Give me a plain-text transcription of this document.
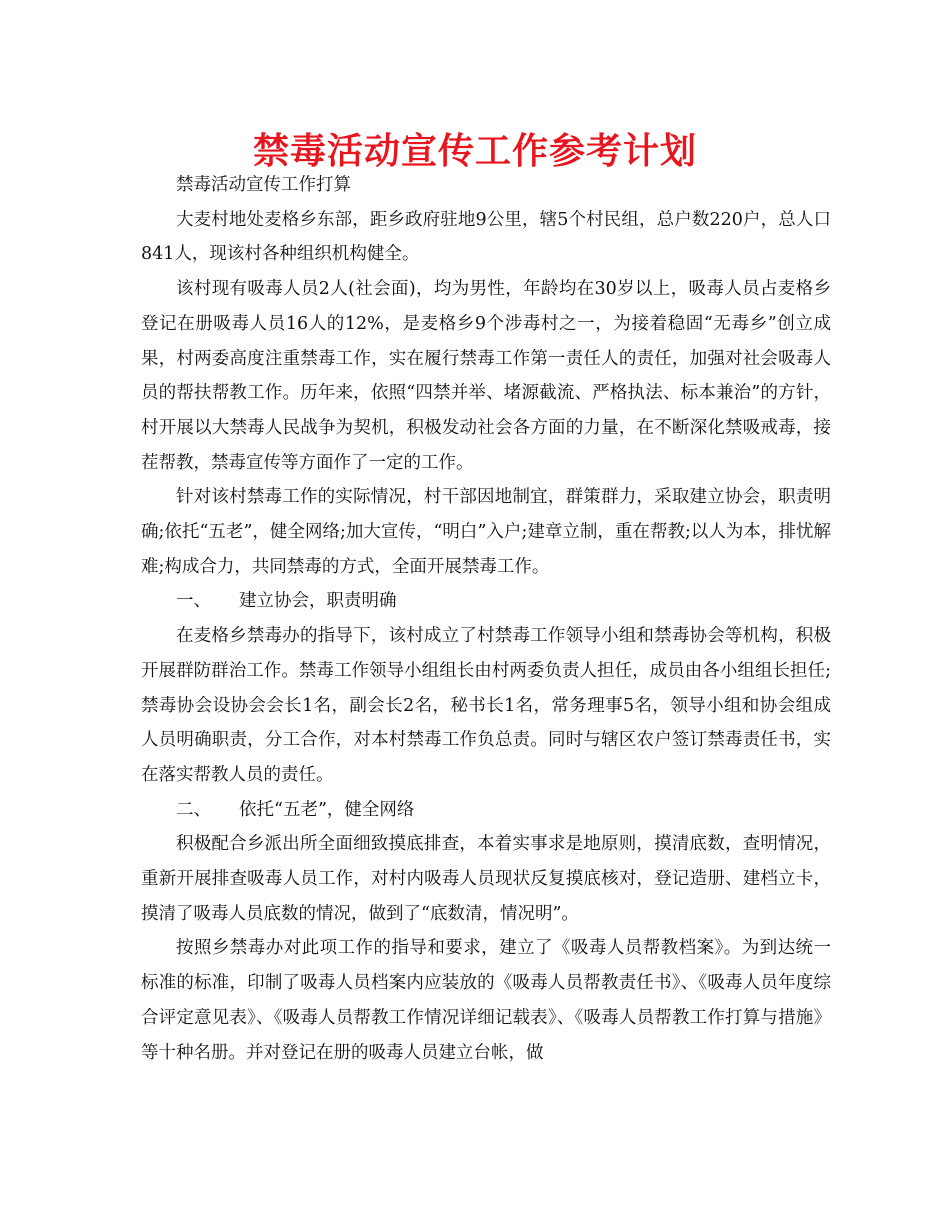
禁毒活动宣传工作参考计划

禁毒活动宣传工作打算

大麦村地处麦格乡东部，距乡政府驻地9公里，辖5个村民组，总户数220户，总人口841人，现该村各种组织机构健全。

该村现有吸毒人员2人(社会面)，均为男性，年龄均在30岁以上，吸毒人员占麦格乡登记在册吸毒人员16人的12%，是麦格乡9个涉毒村之一，为接着稳固“无毒乡”创立成果，村两委高度注重禁毒工作，实在履行禁毒工作第一责任人的责任，加强对社会吸毒人员的帮扶帮教工作。历年来，依照“四禁并举、堵源截流、严格执法、标本兼治”的方针，村开展以大禁毒人民战争为契机，积极发动社会各方面的力量，在不断深化禁吸戒毒，接茬帮教，禁毒宣传等方面作了一定的工作。

针对该村禁毒工作的实际情况，村干部因地制宜，群策群力，采取建立协会，职责明确;依托“五老”，健全网络;加大宣传，“明白”入户;建章立制，重在帮教;以人为本，排忧解难;构成合力，共同禁毒的方式，全面开展禁毒工作。

一、 建立协会，职责明确

在麦格乡禁毒办的指导下，该村成立了村禁毒工作领导小组和禁毒协会等机构，积极开展群防群治工作。禁毒工作领导小组组长由村两委负责人担任，成员由各小组组长担任;禁毒协会设协会会长1名，副会长2名，秘书长1名，常务理事5名，领导小组和协会组成人员明确职责，分工合作，对本村禁毒工作负总责。同时与辖区农户签订禁毒责任书，实在落实帮教人员的责任。

二、 依托“五老”，健全网络

积极配合乡派出所全面细致摸底排查，本着实事求是地原则，摸清底数，查明情况，重新开展排查吸毒人员工作，对村内吸毒人员现状反复摸底核对，登记造册、建档立卡，摸清了吸毒人员底数的情况，做到了“底数清，情况明”。

按照乡禁毒办对此项工作的指导和要求，建立了《吸毒人员帮教档案》。为到达统一标准的标准，印制了吸毒人员档案内应装放的《吸毒人员帮教责任书》、《吸毒人员年度综合评定意见表》、《吸毒人员帮教工作情况详细记载表》、《吸毒人员帮教工作打算与措施》等十种名册。并对登记在册的吸毒人员建立台帐，做
